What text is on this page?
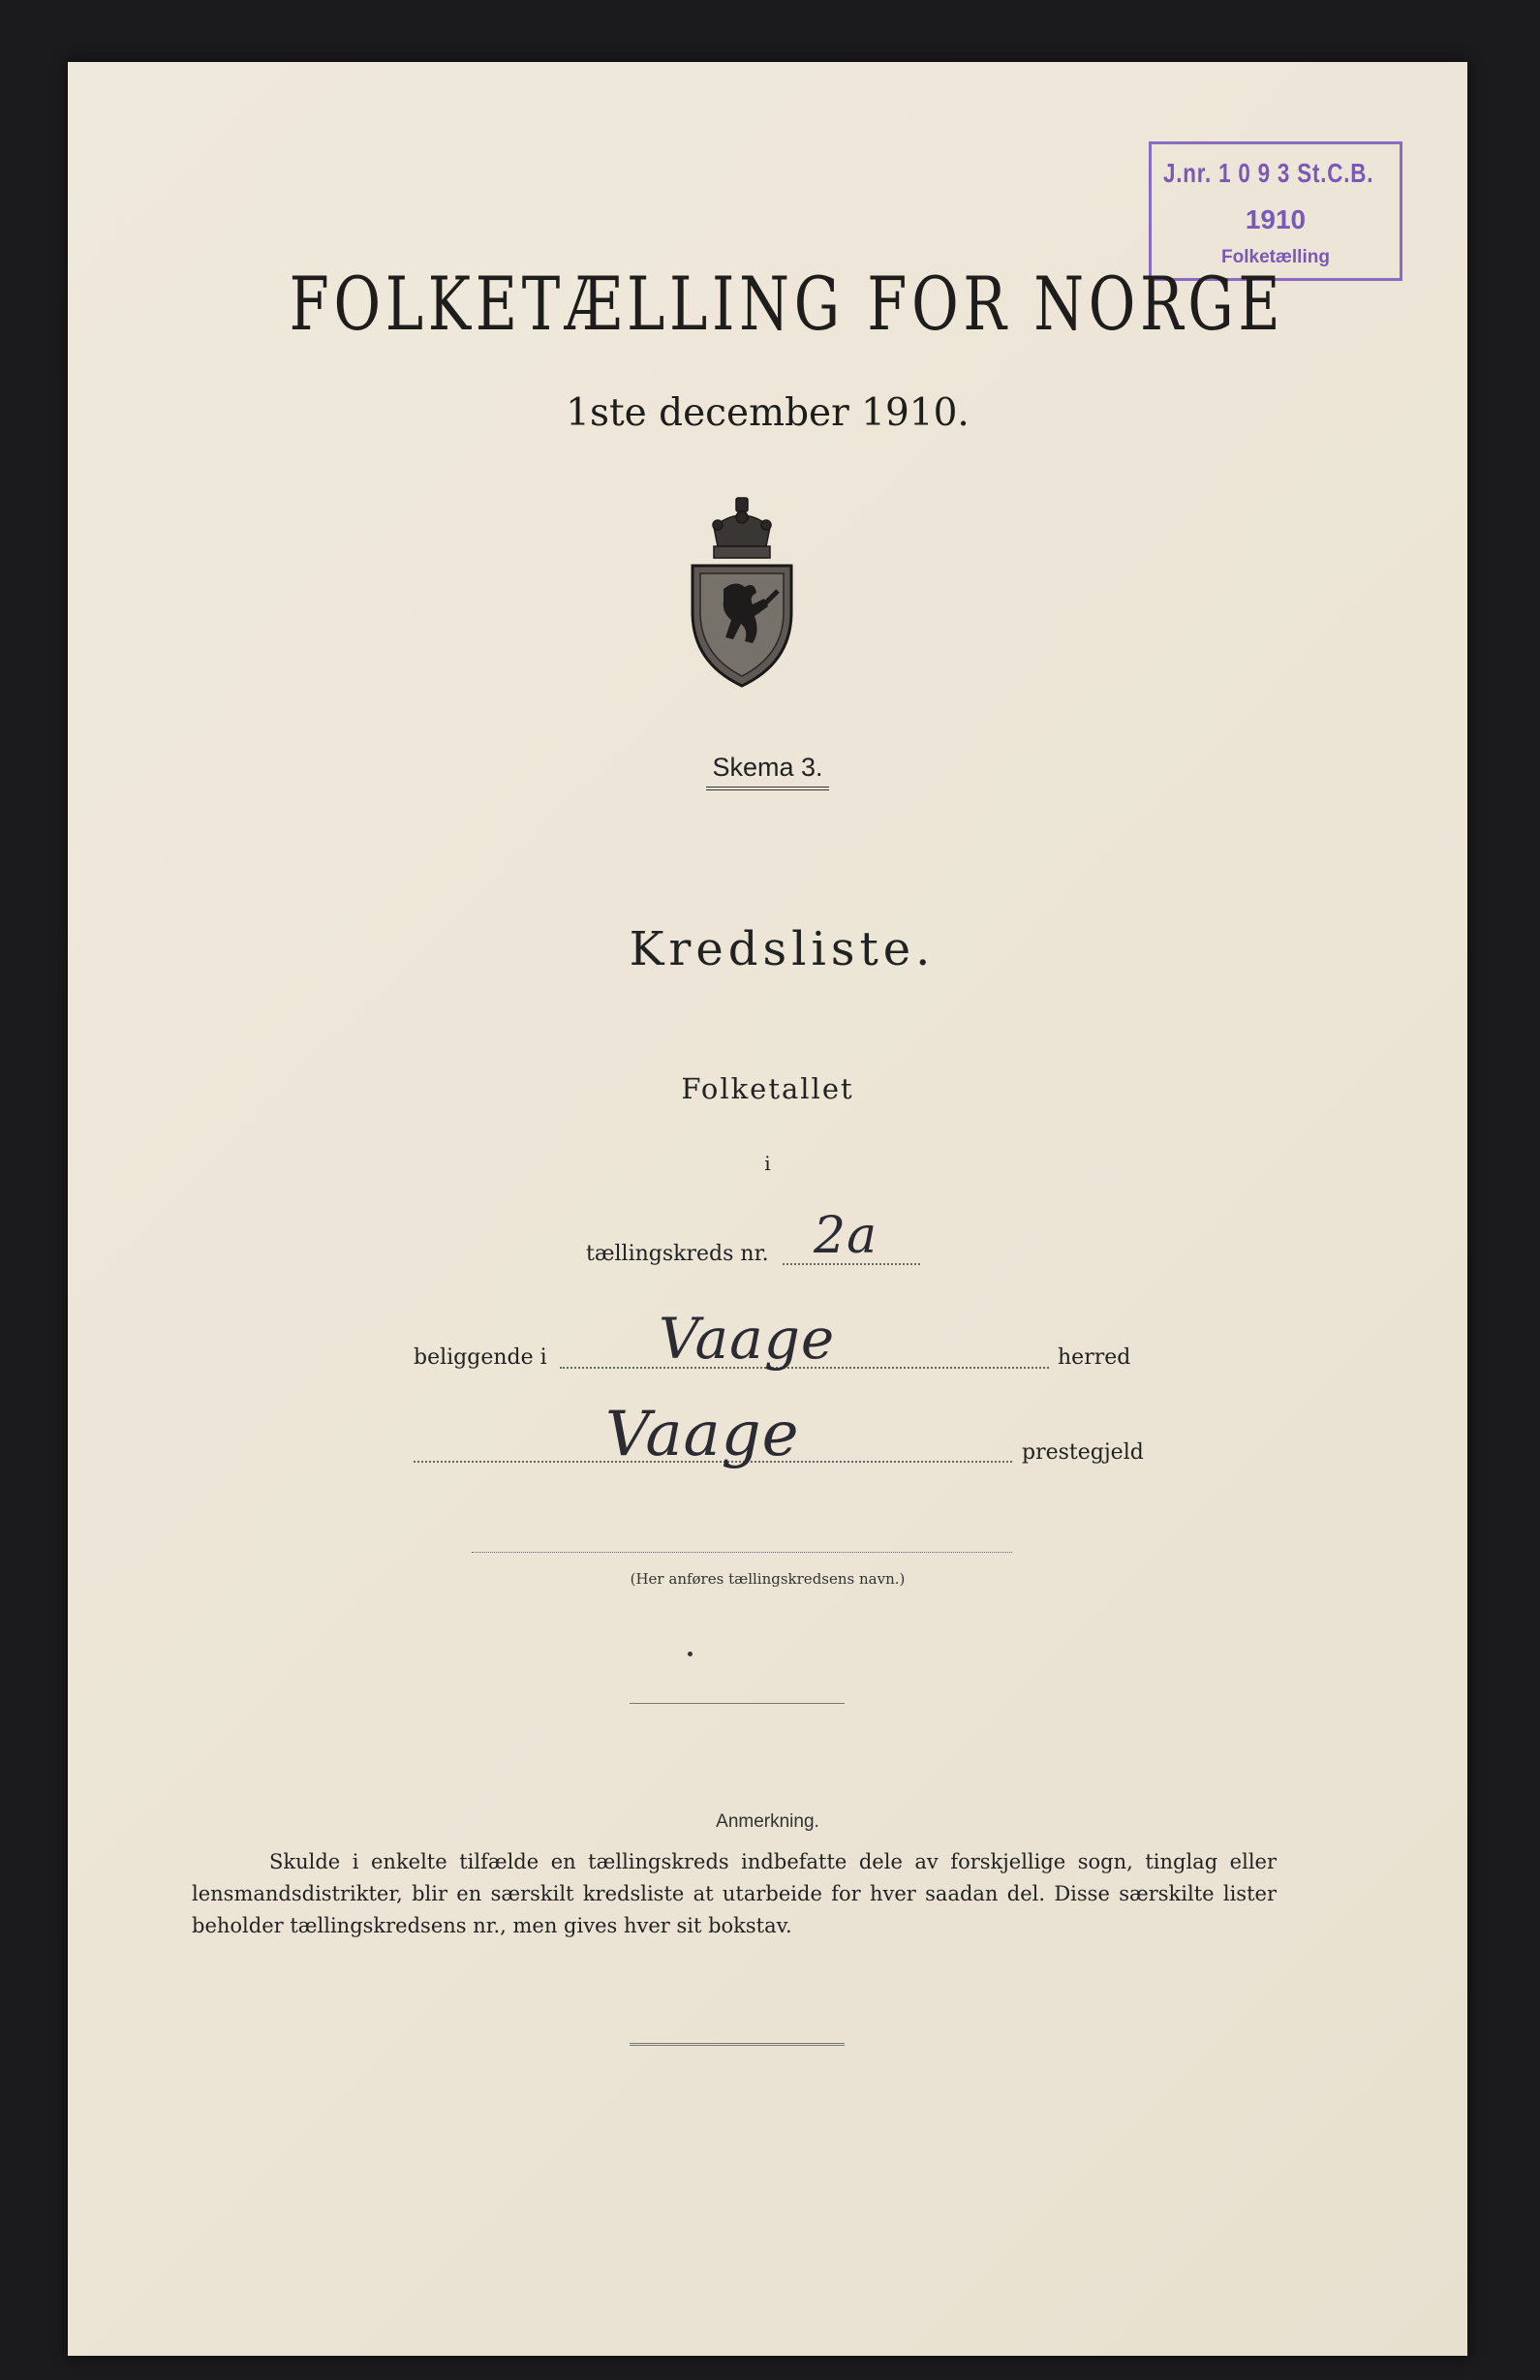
J.nr. 1 0 9 3 St.C.B.
1910
Folketælling
FOLKETÆLLING FOR NORGE
1ste december 1910.
Skema 3.
Kredsliste.
Folketallet
i
tællingskreds nr. 2a
beliggende i Vaage	herred
Vaage	prestegjeld
(Her anføres tællingskredsens navn.)
Anmerkning.
Skulde i enkelte tilfælde en tællingskreds indbefatte dele av forskjellige sogn, tinglag eller lensmandsdistrikter, blir en særskilt kredsliste at utarbeide for hver saadan del. Disse særskilte lister beholder tællingskredsens nr., men gives hver sit bokstav.
